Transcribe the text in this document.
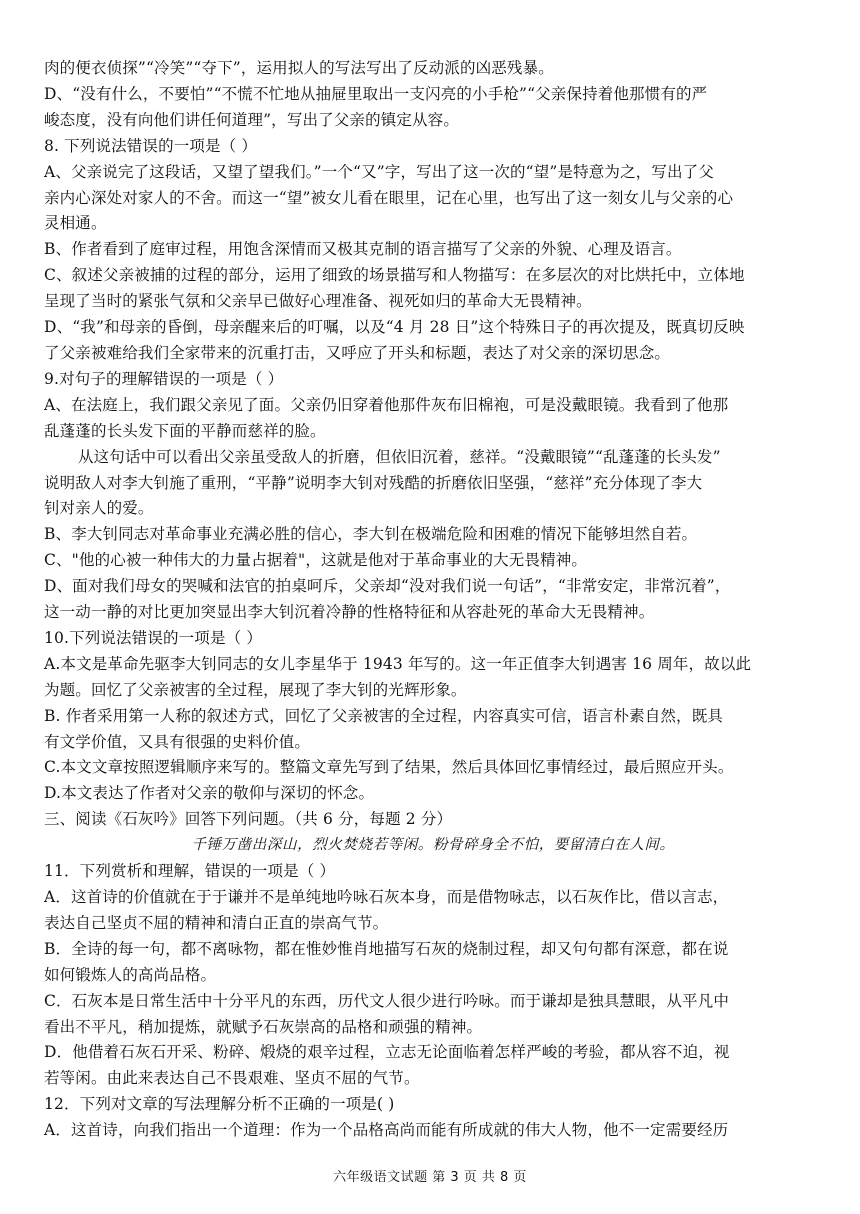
肉的便衣侦探”“冷笑”“夺下”，运用拟人的写法写出了反动派的凶恶残暴。

D、“没有什么，不要怕”“不慌不忙地从抽屉里取出一支闪亮的小手枪”“父亲保持着他那惯有的严

峻态度，没有向他们讲任何道理”，写出了父亲的镇定从容。

8. 下列说法错误的一项是（ ）

A、父亲说完了这段话，又望了望我们。”一个“又”字，写出了这一次的“望”是特意为之，写出了父

亲内心深处对家人的不舍。而这一“望”被女儿看在眼里，记在心里，也写出了这一刻女儿与父亲的心

灵相通。

B、作者看到了庭审过程，用饱含深情而又极其克制的语言描写了父亲的外貌、心理及语言。

C、叙述父亲被捕的过程的部分，运用了细致的场景描写和人物描写：在多层次的对比烘托中，立体地

呈现了当时的紧张气氛和父亲早已做好心理准备、视死如归的革命大无畏精神。

D、“我”和母亲的昏倒，母亲醒来后的叮嘱，以及“4 月 28 日”这个特殊日子的再次提及，既真切反映

了父亲被难给我们全家带来的沉重打击，又呼应了开头和标题，表达了对父亲的深切思念。

9.对句子的理解错误的一项是（ ）

A、在法庭上，我们跟父亲见了面。父亲仍旧穿着他那件灰布旧棉袍，可是没戴眼镜。我看到了他那

乱蓬蓬的长头发下面的平静而慈祥的脸。

从这句话中可以看出父亲虽受敌人的折磨，但依旧沉着，慈祥。“没戴眼镜”“乱蓬蓬的长头发”

说明敌人对李大钊施了重刑，“平静”说明李大钊对残酷的折磨依旧坚强，“慈祥”充分体现了李大

钊对亲人的爱。

B、李大钊同志对革命事业充满必胜的信心，李大钊在极端危险和困难的情况下能够坦然自若。

C、"他的心被一种伟大的力量占据着"，这就是他对于革命事业的大无畏精神。

D、面对我们母女的哭喊和法官的拍桌呵斥，父亲却“没对我们说一句话”，“非常安定，非常沉着”，

这一动一静的对比更加突显出李大钊沉着冷静的性格特征和从容赴死的革命大无畏精神。

10.下列说法错误的一项是（ ）

A.本文是革命先驱李大钊同志的女儿李星华于 1943 年写的。这一年正值李大钊遇害 16 周年，故以此

为题。回忆了父亲被害的全过程，展现了李大钊的光辉形象。

B. 作者采用第一人称的叙述方式，回忆了父亲被害的全过程，内容真实可信，语言朴素自然，既具

有文学价值，又具有很强的史料价值。

C.本文文章按照逻辑顺序来写的。整篇文章先写到了结果，然后具体回忆事情经过，最后照应开头。

D.本文表达了作者对父亲的敬仰与深切的怀念。

三、阅读《石灰吟》回答下列问题。（共 6 分，每题 2 分）

千锤万凿出深山，烈火焚烧若等闲。粉骨碎身全不怕，要留清白在人间。

11．下列赏析和理解，错误的一项是（ ）

A．这首诗的价值就在于于谦并不是单纯地吟咏石灰本身，而是借物咏志，以石灰作比，借以言志，

表达自己坚贞不屈的精神和清白正直的崇高气节。

B．全诗的每一句，都不离咏物，都在惟妙惟肖地描写石灰的烧制过程，却又句句都有深意，都在说

如何锻炼人的高尚品格。

C．石灰本是日常生活中十分平凡的东西，历代文人很少进行吟咏。而于谦却是独具慧眼，从平凡中

看出不平凡，稍加提炼，就赋予石灰崇高的品格和顽强的精神。

D．他借着石灰石开采、粉碎、煅烧的艰辛过程，立志无论面临着怎样严峻的考验，都从容不迫，视

若等闲。由此来表达自己不畏艰难、坚贞不屈的气节。

12．下列对文章的写法理解分析不正确的一项是( )

A．这首诗，向我们指出一个道理：作为一个品格高尚而能有所成就的伟大人物，他不一定需要经历

六年级语文试题 第 3 页 共 8 页
